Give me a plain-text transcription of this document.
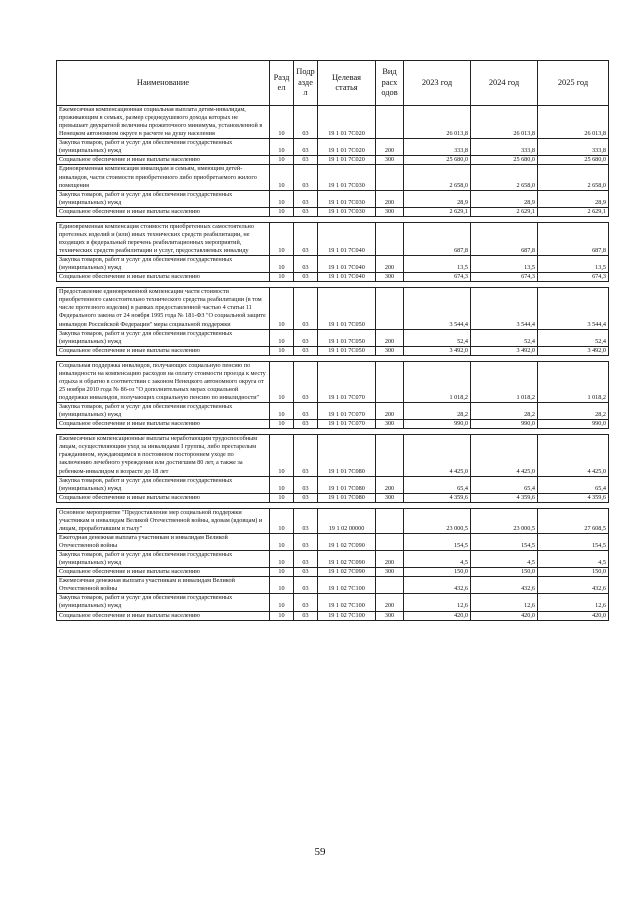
Наименование	Разд ел	Подр азде л	Целевая статья	Вид расх одов	2023 год	2024 год	2025 год
Ежемесячная компенсационная социальная выплата детям-инвалидам, проживающим в семьях, размер среднедушевого дохода которых не превышает двукратной величины прожиточного минимума, установленной в Ненецком автономном округе в расчете на душу населения	10	03	19 1 01 7С020		26 013,8	26 013,8	26 013,8
Закупка товаров, работ и услуг для обеспечения государственных (муниципальных) нужд	10	03	19 1 01 7С020	200	333,8	333,8	333,8
Социальное обеспечение и иные выплаты населению	10	03	19 1 01 7С020	300	25 680,0	25 680,0	25 680,0
Единовременная компенсация инвалидам и семьям, имеющим детей-инвалидов, части стоимости приобретенного либо приобретаемого жилого помещения	10	03	19 1 01 7С030		2 658,0	2 658,0	2 658,0
Закупка товаров, работ и услуг для обеспечения государственных (муниципальных) нужд	10	03	19 1 01 7С030	200	28,9	28,9	28,9
Социальное обеспечение и иные выплаты населению	10	03	19 1 01 7С030	300	2 629,1	2 629,1	2 629,1

Единовременная компенсация стоимости приобретенных самостоятельно протезных изделий и (или) иных технических средств реабилитации, не входящих в федеральный перечень реабилитационных мероприятий, технических средств реабилитации и услуг, предоставляемых инвалиду	10	03	19 1 01 7С040		687,8	687,8	687,8
Закупка товаров, работ и услуг для обеспечения государственных (муниципальных) нужд	10	03	19 1 01 7С040	200	13,5	13,5	13,5
Социальное обеспечение и иные выплаты населению	10	03	19 1 01 7С040	300	674,3	674,3	674,3

Предоставление единовременной компенсации части стоимости приобретенного самостоятельно технического средства реабилитации (в том числе протезного изделия) в рамках предоставленной частью 4 статьи 11 Федерального закона от 24 ноября 1995 года № 181-ФЗ "О социальной защите инвалидов Российской Федерации" меры социальной поддержки	10	03	19 1 01 7С050		3 544,4	3 544,4	3 544,4
Закупка товаров, работ и услуг для обеспечения государственных (муниципальных) нужд	10	03	19 1 01 7С050	200	52,4	52,4	52,4
Социальное обеспечение и иные выплаты населению	10	03	19 1 01 7С050	300	3 492,0	3 492,0	3 492,0

Социальная поддержка инвалидов, получающих социальную пенсию по инвалидности на компенсацию расходов на оплату стоимости проезда к месту отдыха и обратно в соответствии с законом Ненецкого автономного округа от 25 ноября 2010 года № 86-оз "О дополнительных мерах социальной поддержки инвалидов, получающих социальную пенсию по инвалидности"	10	03	19 1 01 7С070		1 018,2	1 018,2	1 018,2
Закупка товаров, работ и услуг для обеспечения государственных (муниципальных) нужд	10	03	19 1 01 7С070	200	28,2	28,2	28,2
Социальное обеспечение и иные выплаты населению	10	03	19 1 01 7С070	300	990,0	990,0	990,0

Ежемесячные компенсационные выплаты неработающим трудоспособным лицам, осуществляющим уход за инвалидами I группы, либо престарелым гражданином, нуждающимся в постоянном постороннем уходе по заключению лечебного учреждения или достигшим 80 лет, а также за ребенком-инвалидом в возрасте до 18 лет	10	03	19 1 01 7С080		4 425,0	4 425,0	4 425,0
Закупка товаров, работ и услуг для обеспечения государственных (муниципальных) нужд	10	03	19 1 01 7С080	200	65,4	65,4	65,4
Социальное обеспечение и иные выплаты населению	10	03	19 1 01 7С080	300	4 359,6	4 359,6	4 359,6

Основное мероприятие "Предоставление мер социальной поддержки участникам и инвалидам Великой Отечественной войны, вдовам (вдовцам) и лицам, проработавшим в тылу"	10	03	19 1 02 00000		23 000,5	23 000,5	27 608,5
Ежегодная денежная выплата участникам и инвалидам Великой Отечественной войны	10	03	19 1 02 7С090		154,5	154,5	154,5
Закупка товаров, работ и услуг для обеспечения государственных (муниципальных) нужд	10	03	19 1 02 7С090	200	4,5	4,5	4,5
Социальное обеспечение и иные выплаты населению	10	03	19 1 02 7С090	300	150,0	150,0	150,0
Ежемесячная денежная выплата участникам и инвалидам Великой Отечественной войны	10	03	19 1 02 7С100		432,6	432,6	432,6
Закупка товаров, работ и услуг для обеспечения государственных (муниципальных) нужд	10	03	19 1 02 7С100	200	12,6	12,6	12,6
Социальное обеспечение и иные выплаты населению	10	03	19 1 02 7С100	300	420,0	420,0	420,0
59
